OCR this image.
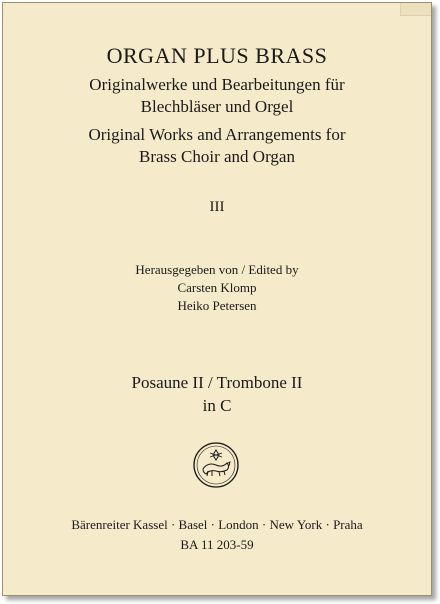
ORGAN PLUS BRASS
Originalwerke und Bearbeitungen für
Blechbläser und Orgel
Original Works and Arrangements for
Brass Choir and Organ
III
Herausgegeben von / Edited by
Carsten Klomp
Heiko Petersen
Posaune II / Trombone II
in C
Bärenreiter Kassel · Basel · London · New York · Praha
BA 11 203-59
